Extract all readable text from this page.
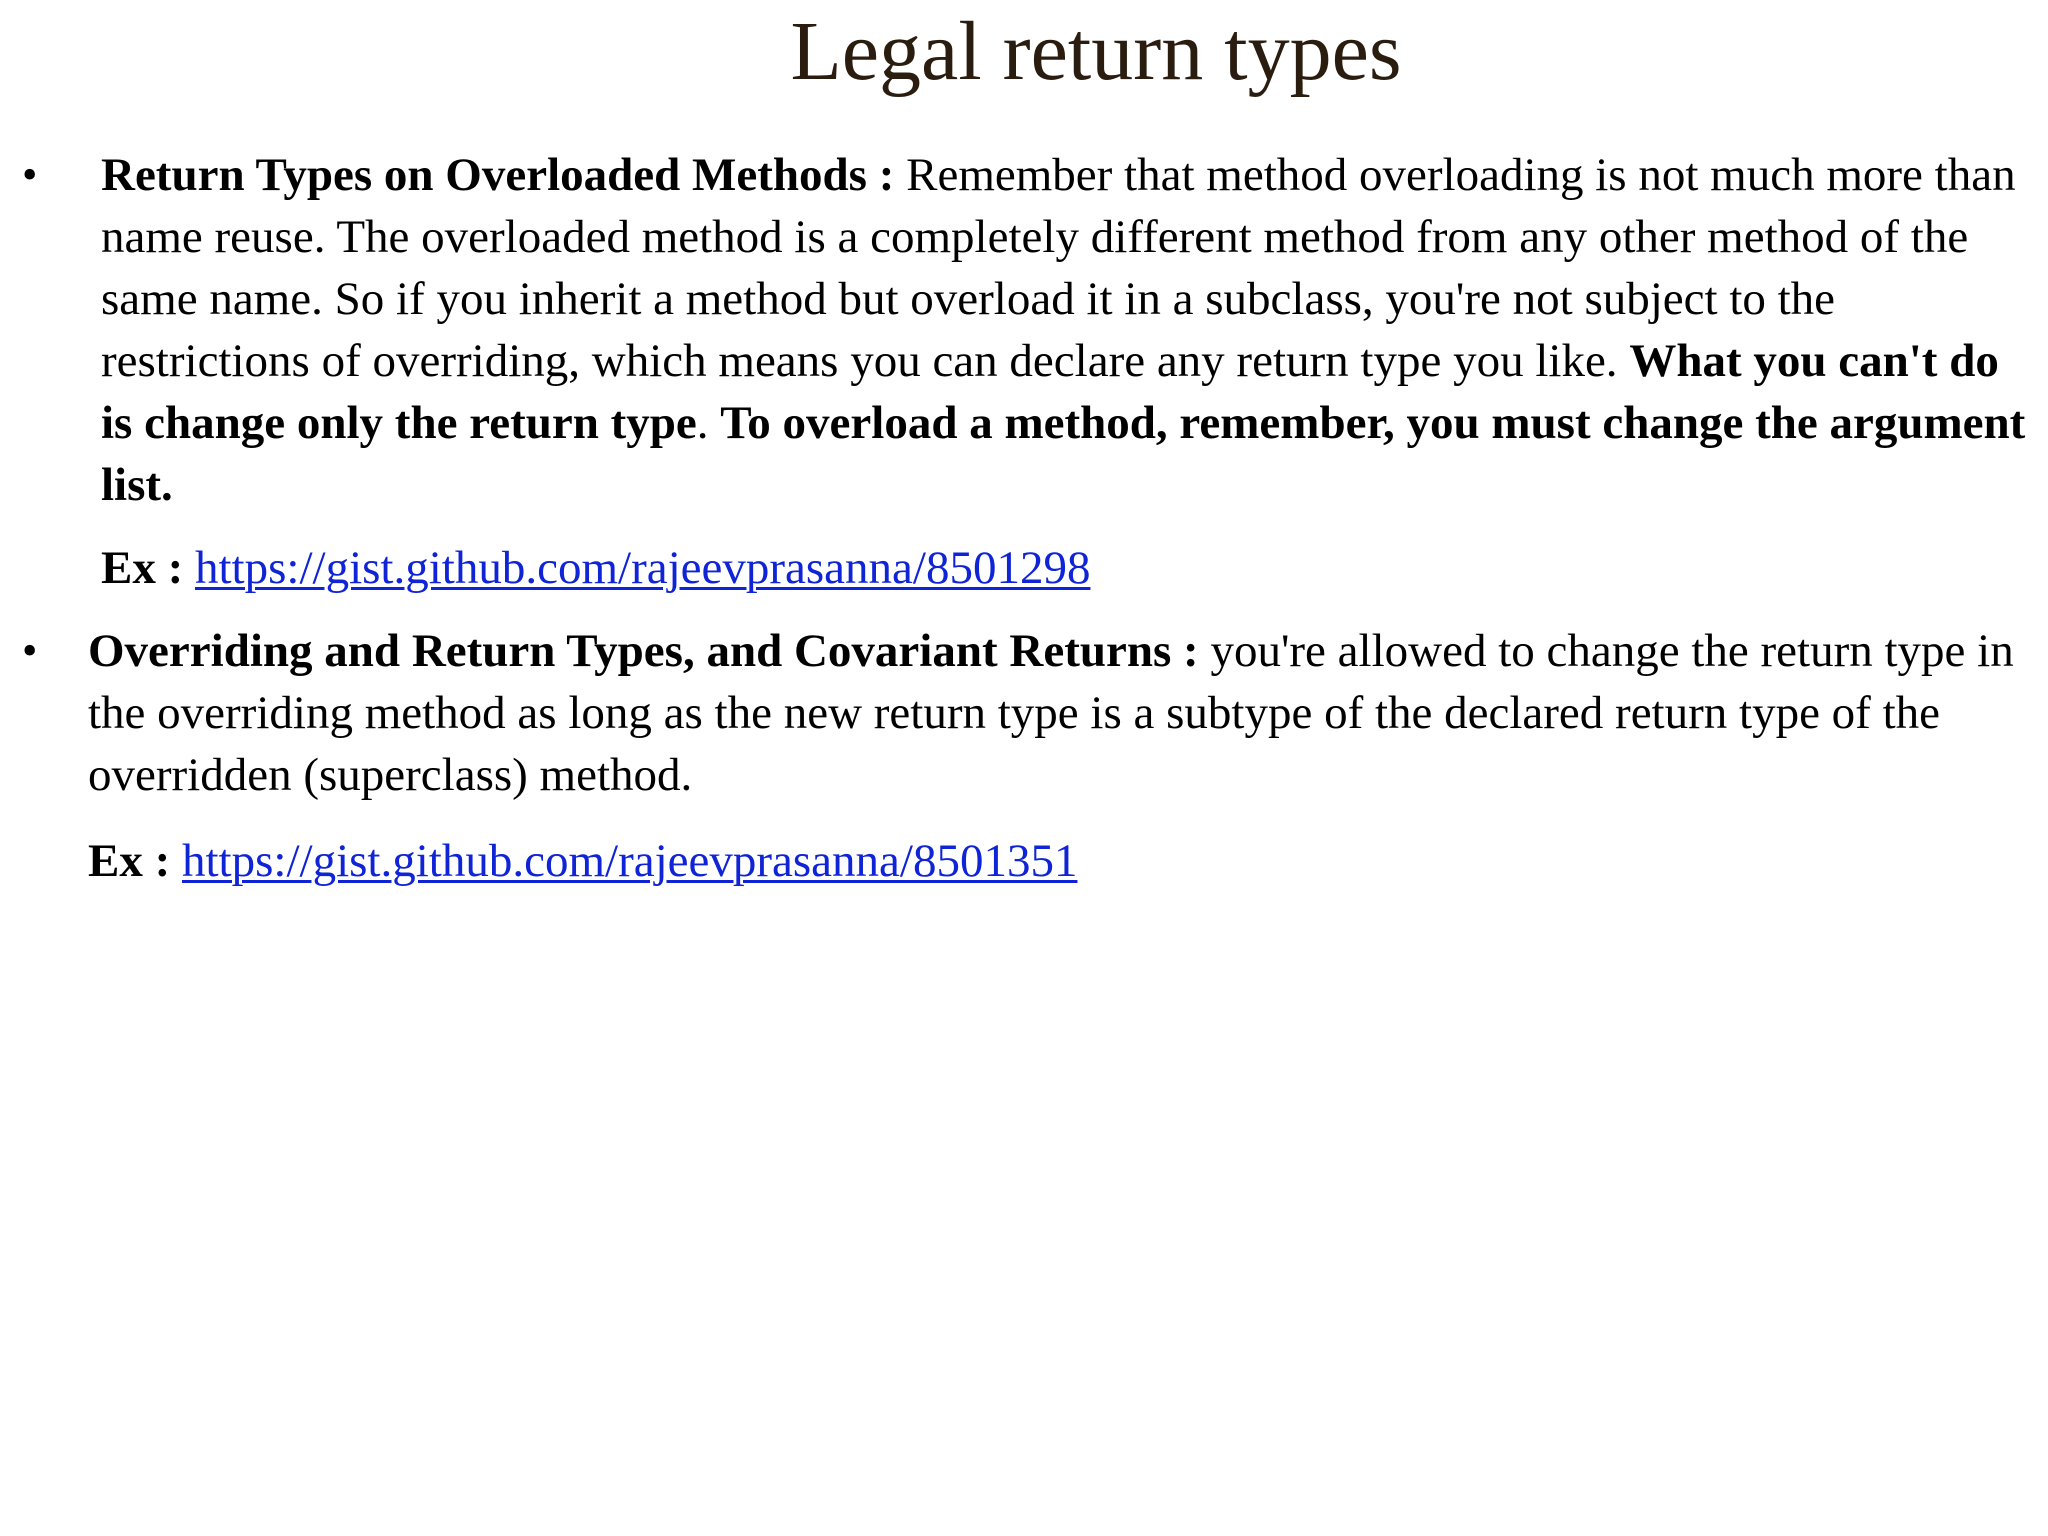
Legal return types
• Return Types on Overloaded Methods : Remember that method overloading is not much more than name reuse. The overloaded method is a completely different method from any other method of the same name. So if you inherit a method but overload it in a subclass, you're not subject to the restrictions of overriding, which means you can declare any return type you like. What you can't do is change only the return type. To overload a method, remember, you must change the argument list.

Ex : https://gist.github.com/rajeevprasanna/8501298
• Overriding and Return Types, and Covariant Returns : you're allowed to change the return type in the overriding method as long as the new return type is a subtype of the declared return type of the overridden (superclass) method.

Ex : https://gist.github.com/rajeevprasanna/8501351
